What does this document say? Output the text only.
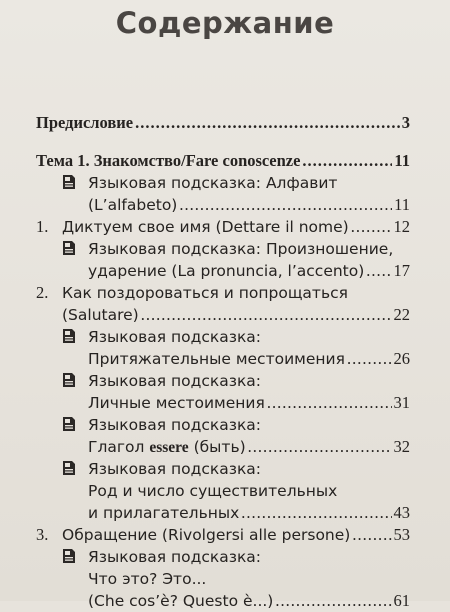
Содержание
Предисловие .....	3
Тема 1. Знакомство/Fare conoscenze .....	11
Языковая подсказка: Алфавит
(L’alfabeto) .....	11
1. Диктуем свое имя (Dettare il nome) .....	12
Языковая подсказка: Произношение,
ударение (La pronuncia, l’accento) ..... 17
2. Как поздороваться и попрощаться
(Salutare) .....	22
Языковая подсказка:
Притяжательные местоимения .....	26
Языковая подсказка:
Личные местоимения .....	31
Языковая подсказка:
Глагол essere (быть) .....	32
Языковая подсказка:
Род и число существительных
и прилагательных .....	43
3. Обращение (Rivolgersi alle persone) .....	53
Языковая подсказка:
Что это? Это...
(Che cos’è? Questo è...) .....	61
